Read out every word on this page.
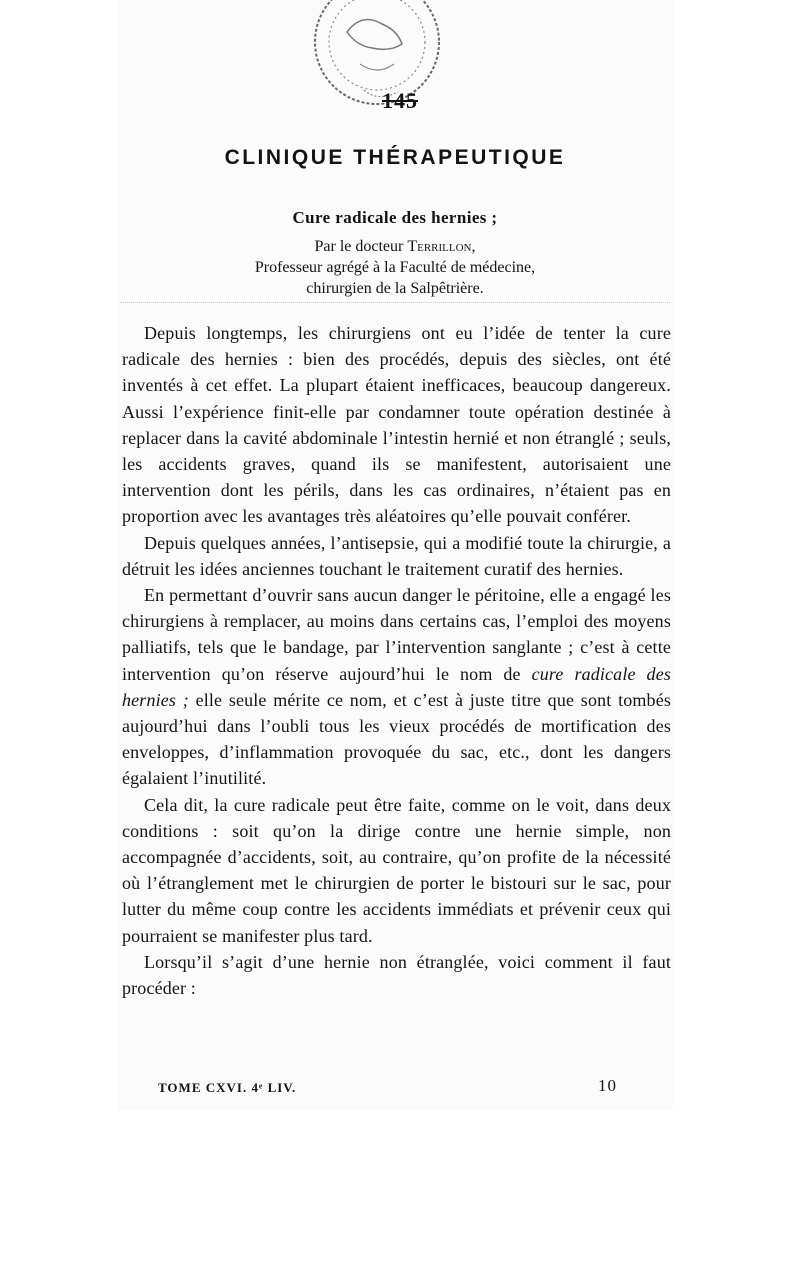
145
CLINIQUE THÉRAPEUTIQUE
Cure radicale des hernies ;
Par le docteur Terrillon,
Professeur agrégé à la Faculté de médecine,
chirurgien de la Salpêtrière.

Depuis longtemps, les chirurgiens ont eu l’idée de tenter la cure radicale des hernies : bien des procédés, depuis des siècles, ont été inventés à cet effet. La plupart étaient inefficaces, beaucoup dangereux. Aussi l’expérience finit-elle par condamner toute opération destinée à replacer dans la cavité abdominale l’intestin hernié et non étranglé ; seuls, les accidents graves, quand ils se manifestent, autorisaient une intervention dont les périls, dans les cas ordinaires, n’étaient pas en proportion avec les avantages très aléatoires qu’elle pouvait conférer.

Depuis quelques années, l’antisepsie, qui a modifié toute la chirurgie, a détruit les idées anciennes touchant le traitement curatif des hernies.

En permettant d’ouvrir sans aucun danger le péritoine, elle a engagé les chirurgiens à remplacer, au moins dans certains cas, l’emploi des moyens palliatifs, tels que le bandage, par l’intervention sanglante ; c’est à cette intervention qu’on réserve aujourd’hui le nom de cure radicale des hernies ; elle seule mérite ce nom, et c’est à juste titre que sont tombés aujourd’hui dans l’oubli tous les vieux procédés de mortification des enveloppes, d’inflammation provoquée du sac, etc., dont les dangers égalaient l’inutilité.

Cela dit, la cure radicale peut être faite, comme on le voit, dans deux conditions : soit qu’on la dirige contre une hernie simple, non accompagnée d’accidents, soit, au contraire, qu’on profite de la nécessité où l’étranglement met le chirurgien de porter le bistouri sur le sac, pour lutter du même coup contre les accidents immédiats et prévenir ceux qui pourraient se manifester plus tard.

Lorsqu’il s’agit d’une hernie non étranglée, voici comment il faut procéder :

TOME CXVI. 4ᵉ LIV.	10
